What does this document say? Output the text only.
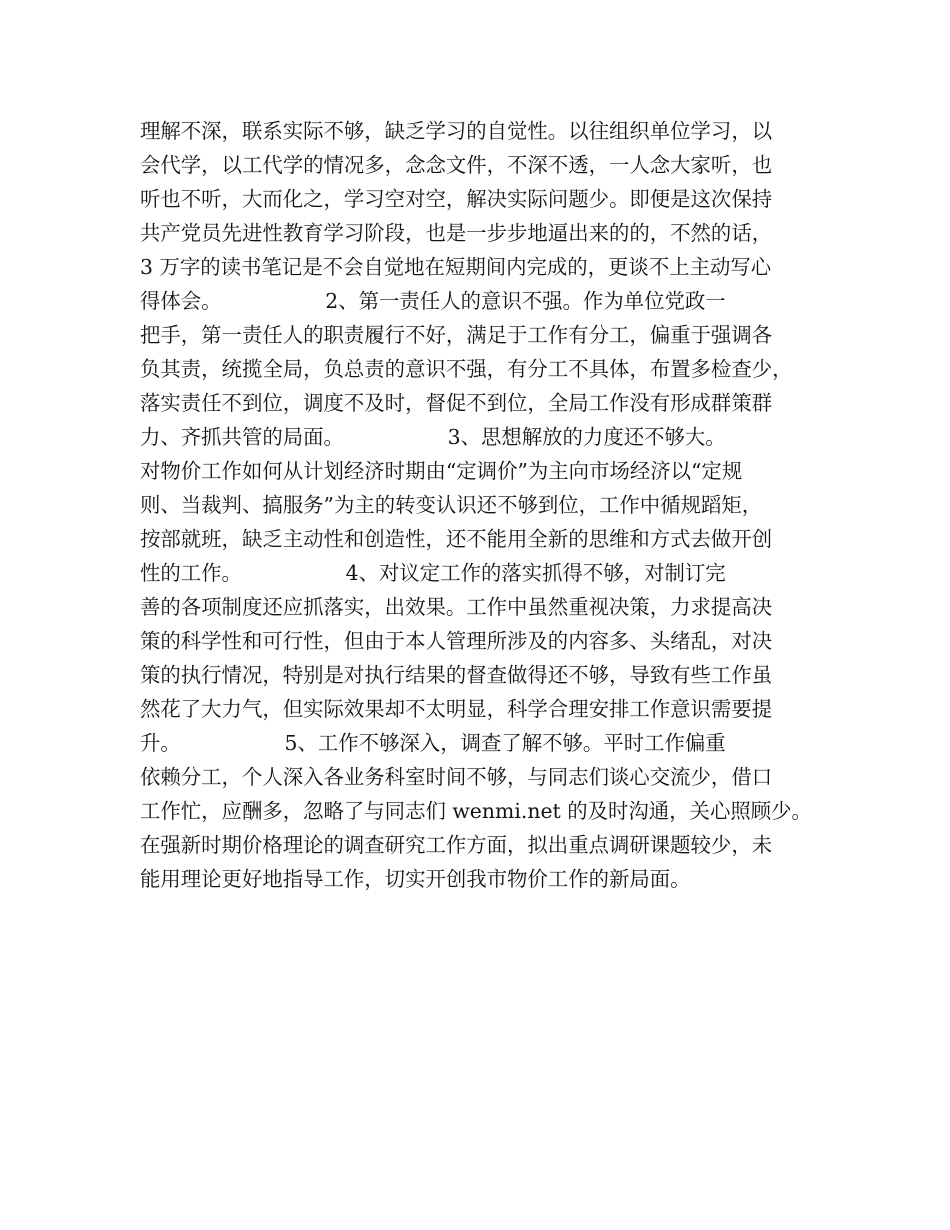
理解不深，联系实际不够，缺乏学习的自觉性。以往组织单位学习，以
会代学，以工代学的情况多，念念文件，不深不透，一人念大家听，也
听也不听，大而化之，学习空对空，解决实际问题少。即便是这次保持
共产党员先进性教育学习阶段，也是一步步地逼出来的的，不然的话，
3 万字的读书笔记是不会自觉地在短期间内完成的，更谈不上主动写心
得体会。                2、第一责任人的意识不强。作为单位党政一
把手，第一责任人的职责履行不好，满足于工作有分工，偏重于强调各
负其责，统揽全局，负总责的意识不强，有分工不具体，布置多检查少，
落实责任不到位，调度不及时，督促不到位，全局工作没有形成群策群
力、齐抓共管的局面。                3、思想解放的力度还不够大。
对物价工作如何从计划经济时期由“定调价”为主向市场经济以“定规
则、当裁判、搞服务”为主的转变认识还不够到位，工作中循规蹈矩，
按部就班，缺乏主动性和创造性，还不能用全新的思维和方式去做开创
性的工作。                4、对议定工作的落实抓得不够，对制订完
善的各项制度还应抓落实，出效果。工作中虽然重视决策，力求提高决
策的科学性和可行性，但由于本人管理所涉及的内容多、头绪乱，对决
策的执行情况，特别是对执行结果的督查做得还不够，导致有些工作虽
然花了大力气，但实际效果却不太明显，科学合理安排工作意识需要提
升。                5、工作不够深入，调查了解不够。平时工作偏重
依赖分工，个人深入各业务科室时间不够，与同志们谈心交流少，借口
工作忙，应酬多，忽略了与同志们 wenmi.net 的及时沟通，关心照顾少。
在强新时期价格理论的调查研究工作方面，拟出重点调研课题较少，未
能用理论更好地指导工作，切实开创我市物价工作的新局面。
